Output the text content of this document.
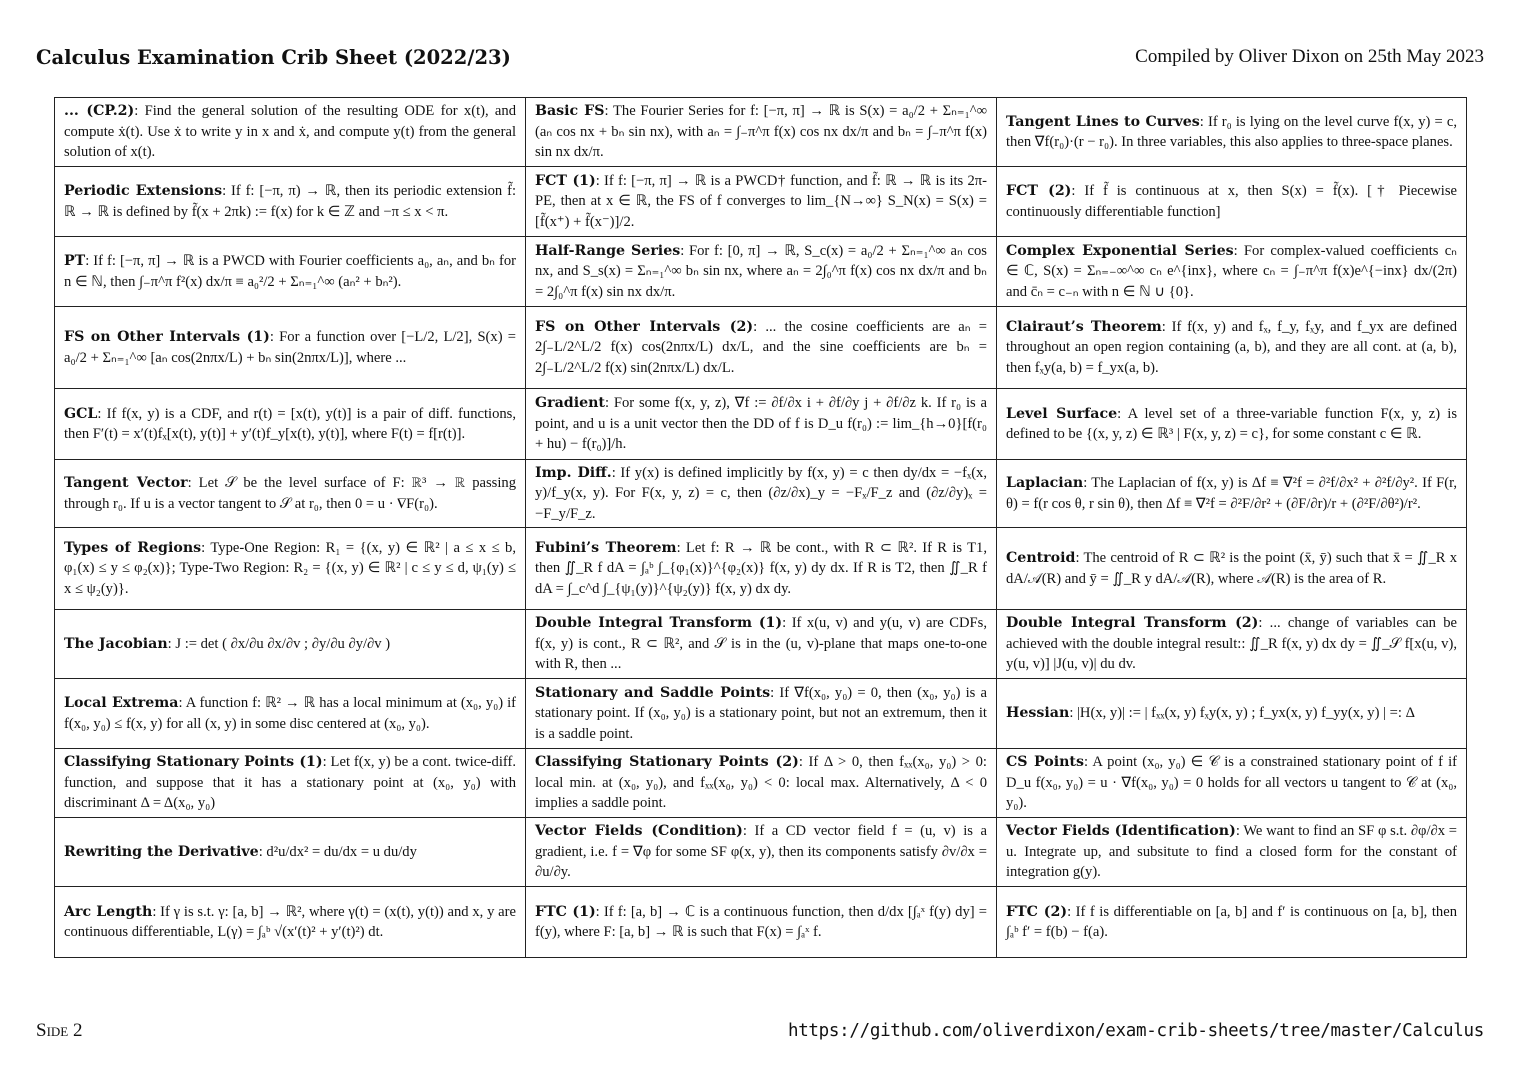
Calculus Examination Crib Sheet (2022/23)	Compiled by Oliver Dixon on 25th May 2023
... (CP.2): Find the general solution of the resulting ODE for x(t), and compute ẋ(t). Use ẋ to write y in x and ẋ, and compute y(t) from the general solution of x(t).	Basic FS: The Fourier Series for f: [−π, π] → ℝ is S(x) = a₀/2 + Σₙ₌₁^∞ (aₙ cos nx + bₙ sin nx), with aₙ = ∫₋π^π f(x) cos nx dx/π and bₙ = ∫₋π^π f(x) sin nx dx/π.	Tangent Lines to Curves: If r₀ is lying on the level curve f(x, y) = c, then ∇f(r₀)·(r − r₀). In three variables, this also applies to three-space planes.
Periodic Extensions: If f: [−π, π) → ℝ, then its periodic extension f̃: ℝ → ℝ is defined by f̃(x + 2πk) := f(x) for k ∈ ℤ and −π ≤ x < π.	FCT (1): If f: [−π, π] → ℝ is a PWCD† function, and f̃: ℝ → ℝ is its 2π-PE, then at x ∈ ℝ, the FS of f converges to lim_{N→∞} S_N(x) = S(x) = [f̃(x⁺) + f̃(x⁻)]/2.	FCT (2): If f̃ is continuous at x, then S(x) = f̃(x). [† Piecewise continuously differentiable function]
PT: If f: [−π, π] → ℝ is a PWCD with Fourier coefficients a₀, aₙ, and bₙ for n ∈ ℕ, then ∫₋π^π f²(x) dx/π ≡ a₀²/2 + Σₙ₌₁^∞ (aₙ² + bₙ²).	Half-Range Series: For f: [0, π] → ℝ, S_c(x) = a₀/2 + Σₙ₌₁^∞ aₙ cos nx, and S_s(x) = Σₙ₌₁^∞ bₙ sin nx, where aₙ = 2∫₀^π f(x) cos nx dx/π and bₙ = 2∫₀^π f(x) sin nx dx/π.	Complex Exponential Series: For complex-valued coefficients cₙ ∈ ℂ, S(x) = Σₙ₌₋∞^∞ cₙ e^{inx}, where cₙ = ∫₋π^π f(x)e^{−inx} dx/(2π) and c̄ₙ = c₋ₙ with n ∈ ℕ ∪ {0}.
FS on Other Intervals (1): For a function over [−L/2, L/2], S(x) = a₀/2 + Σₙ₌₁^∞ [aₙ cos(2nπx/L) + bₙ sin(2nπx/L)], where ...	FS on Other Intervals (2): ... the cosine coefficients are aₙ = 2∫₋L/2^L/2 f(x) cos(2nπx/L) dx/L, and the sine coefficients are bₙ = 2∫₋L/2^L/2 f(x) sin(2nπx/L) dx/L.	Clairaut’s Theorem: If f(x, y) and fₓ, f_y, fₓy, and f_yx are defined throughout an open region containing (a, b), and they are all cont. at (a, b), then fₓy(a, b) = f_yx(a, b).
GCL: If f(x, y) is a CDF, and r(t) = [x(t), y(t)] is a pair of diff. functions, then F′(t) = x′(t)fₓ[x(t), y(t)] + y′(t)f_y[x(t), y(t)], where F(t) = f[r(t)].	Gradient: For some f(x, y, z), ∇f := ∂f/∂x i + ∂f/∂y j + ∂f/∂z k. If r₀ is a point, and u is a unit vector then the DD of f is D_u f(r₀) := lim_{h→0}[f(r₀ + hu) − f(r₀)]/h.	Level Surface: A level set of a three-variable function F(x, y, z) is defined to be {(x, y, z) ∈ ℝ³ | F(x, y, z) = c}, for some constant c ∈ ℝ.
Tangent Vector: Let 𝒮 be the level surface of F: ℝ³ → ℝ passing through r₀. If u is a vector tangent to 𝒮 at r₀, then 0 = u · ∇F(r₀).	Imp. Diff.: If y(x) is defined implicitly by f(x, y) = c then dy/dx = −fₓ(x, y)/f_y(x, y). For F(x, y, z) = c, then (∂z/∂x)_y = −Fₓ/F_z and (∂z/∂y)ₓ = −F_y/F_z.	Laplacian: The Laplacian of f(x, y) is Δf ≡ ∇²f = ∂²f/∂x² + ∂²f/∂y². If F(r, θ) = f(r cos θ, r sin θ), then Δf ≡ ∇²f = ∂²F/∂r² + (∂F/∂r)/r + (∂²F/∂θ²)/r².
Types of Regions: Type-One Region: R₁ = {(x, y) ∈ ℝ² | a ≤ x ≤ b, φ₁(x) ≤ y ≤ φ₂(x)}; Type-Two Region: R₂ = {(x, y) ∈ ℝ² | c ≤ y ≤ d, ψ₁(y) ≤ x ≤ ψ₂(y)}.	Fubini’s Theorem: Let f: R → ℝ be cont., with R ⊂ ℝ². If R is T1, then ∬_R f dA = ∫ₐᵇ ∫_{φ₁(x)}^{φ₂(x)} f(x, y) dy dx. If R is T2, then ∬_R f dA = ∫_c^d ∫_{ψ₁(y)}^{ψ₂(y)} f(x, y) dx dy.	Centroid: The centroid of R ⊂ ℝ² is the point (x̄, ȳ) such that x̄ = ∬_R x dA/𝒜(R) and ȳ = ∬_R y dA/𝒜(R), where 𝒜(R) is the area of R.
The Jacobian: J := det ( ∂x/∂u ∂x/∂v ; ∂y/∂u ∂y/∂v )	Double Integral Transform (1): If x(u, v) and y(u, v) are CDFs, f(x, y) is cont., R ⊂ ℝ², and 𝒮 is in the (u, v)-plane that maps one-to-one with R, then ...	Double Integral Transform (2): ... change of variables can be achieved with the double integral result:: ∬_R f(x, y) dx dy = ∬_𝒮 f[x(u, v), y(u, v)] |J(u, v)| du dv.
Local Extrema: A function f: ℝ² → ℝ has a local minimum at (x₀, y₀) if f(x₀, y₀) ≤ f(x, y) for all (x, y) in some disc centered at (x₀, y₀).	Stationary and Saddle Points: If ∇f(x₀, y₀) = 0, then (x₀, y₀) is a stationary point. If (x₀, y₀) is a stationary point, but not an extremum, then it is a saddle point.	Hessian: |H(x, y)| := | fₓₓ(x, y) fₓy(x, y) ; f_yx(x, y) f_yy(x, y) | =: Δ
Classifying Stationary Points (1): Let f(x, y) be a cont. twice-diff. function, and suppose that it has a stationary point at (x₀, y₀) with discriminant Δ = Δ(x₀, y₀)	Classifying Stationary Points (2): If Δ > 0, then fₓₓ(x₀, y₀) > 0: local min. at (x₀, y₀), and fₓₓ(x₀, y₀) < 0: local max. Alternatively, Δ < 0 implies a saddle point.	CS Points: A point (x₀, y₀) ∈ 𝒞 is a constrained stationary point of f if D_u f(x₀, y₀) = u · ∇f(x₀, y₀) = 0 holds for all vectors u tangent to 𝒞 at (x₀, y₀).
Rewriting the Derivative: d²u/dx² = du/dx = u du/dy	Vector Fields (Condition): If a CD vector field f = (u, v) is a gradient, i.e. f = ∇φ for some SF φ(x, y), then its components satisfy ∂v/∂x = ∂u/∂y.	Vector Fields (Identification): We want to find an SF φ s.t. ∂φ/∂x = u. Integrate up, and subsitute to find a closed form for the constant of integration g(y).
Arc Length: If γ is s.t. γ: [a, b] → ℝ², where γ(t) = (x(t), y(t)) and x, y are continuous differentiable, L(γ) = ∫ₐᵇ √(x′(t)² + y′(t)²) dt.	FTC (1): If f: [a, b] → ℂ is a continuous function, then d/dx [∫ₐˣ f(y) dy] = f(y), where F: [a, b] → ℝ is such that F(x) = ∫ₐˣ f.	FTC (2): If f is differentiable on [a, b] and f′ is continuous on [a, b], then ∫ₐᵇ f′ = f(b) − f(a).
Side 2	https://github.com/oliverdixon/exam-crib-sheets/tree/master/Calculus
